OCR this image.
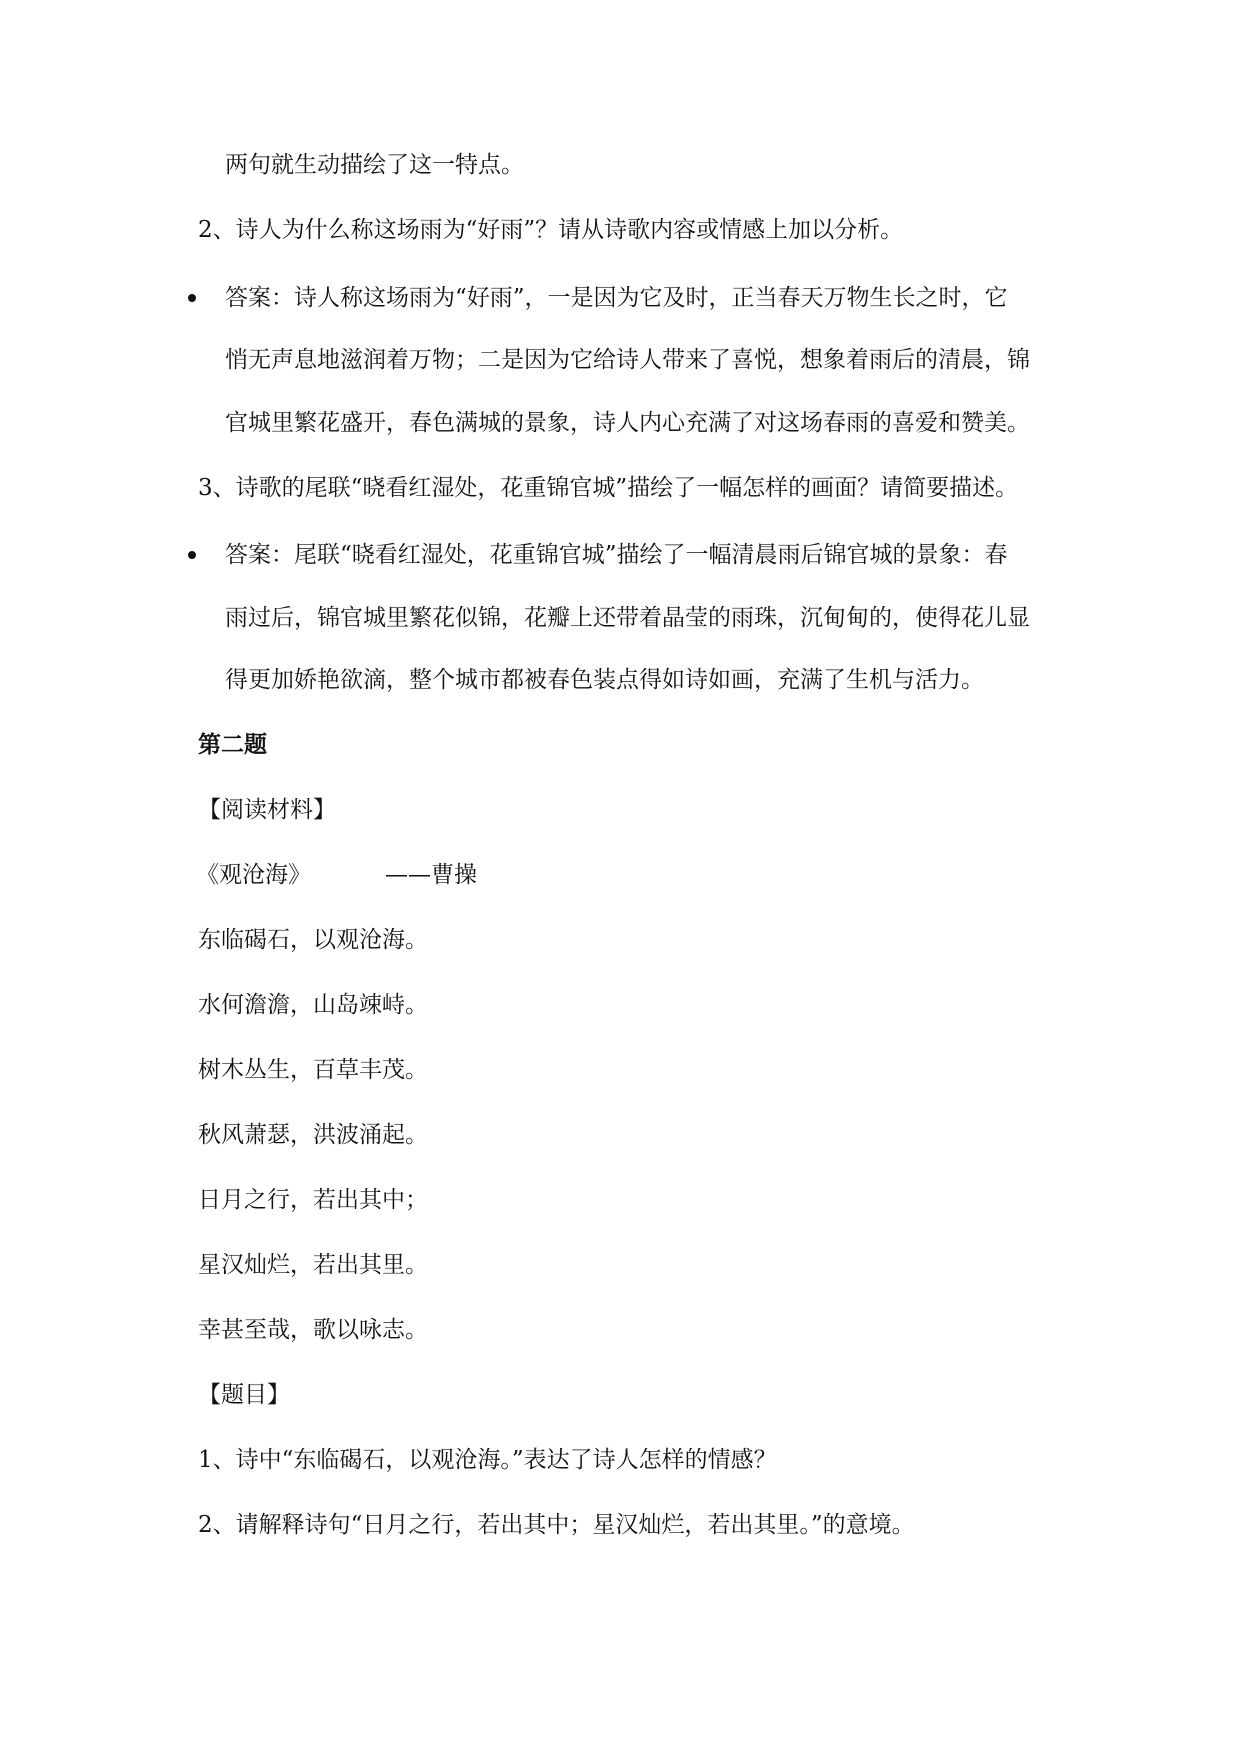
两句就生动描绘了这一特点。
2、诗人为什么称这场雨为“好雨”？请从诗歌内容或情感上加以分析。
答案：诗人称这场雨为“好雨”，一是因为它及时，正当春天万物生长之时，它
悄无声息地滋润着万物；二是因为它给诗人带来了喜悦，想象着雨后的清晨，锦
官城里繁花盛开，春色满城的景象，诗人内心充满了对这场春雨的喜爱和赞美。
3、诗歌的尾联“晓看红湿处，花重锦官城”描绘了一幅怎样的画面？请简要描述。
答案：尾联“晓看红湿处，花重锦官城”描绘了一幅清晨雨后锦官城的景象：春
雨过后，锦官城里繁花似锦，花瓣上还带着晶莹的雨珠，沉甸甸的，使得花儿显
得更加娇艳欲滴，整个城市都被春色装点得如诗如画，充满了生机与活力。
第二题
【阅读材料】
《观沧海》	——曹操
东临碣石，以观沧海。
水何澹澹，山岛竦峙。
树木丛生，百草丰茂。
秋风萧瑟，洪波涌起。
日月之行，若出其中；
星汉灿烂，若出其里。
幸甚至哉，歌以咏志。
【题目】
1、诗中“东临碣石，以观沧海。”表达了诗人怎样的情感？
2、请解释诗句“日月之行，若出其中；星汉灿烂，若出其里。”的意境。
